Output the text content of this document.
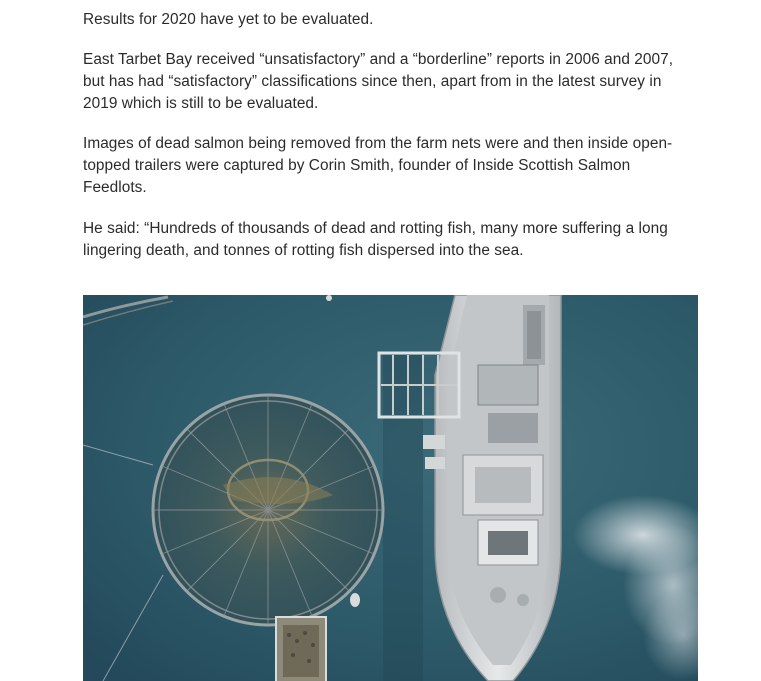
Results for 2020 have yet to be evaluated.

East Tarbet Bay received “unsatisfactory” and a “borderline” reports in 2006 and 2007, but has had “satisfactory” classifications since then, apart from in the latest survey in 2019 which is still to be evaluated.

Images of dead salmon being removed from the farm nets were and then inside open-topped trailers were captured by Corin Smith, founder of Inside Scottish Salmon Feedlots.

He said: “Hundreds of thousands of dead and rotting fish, many more suffering a long lingering death, and tonnes of rotting fish dispersed into the sea.
